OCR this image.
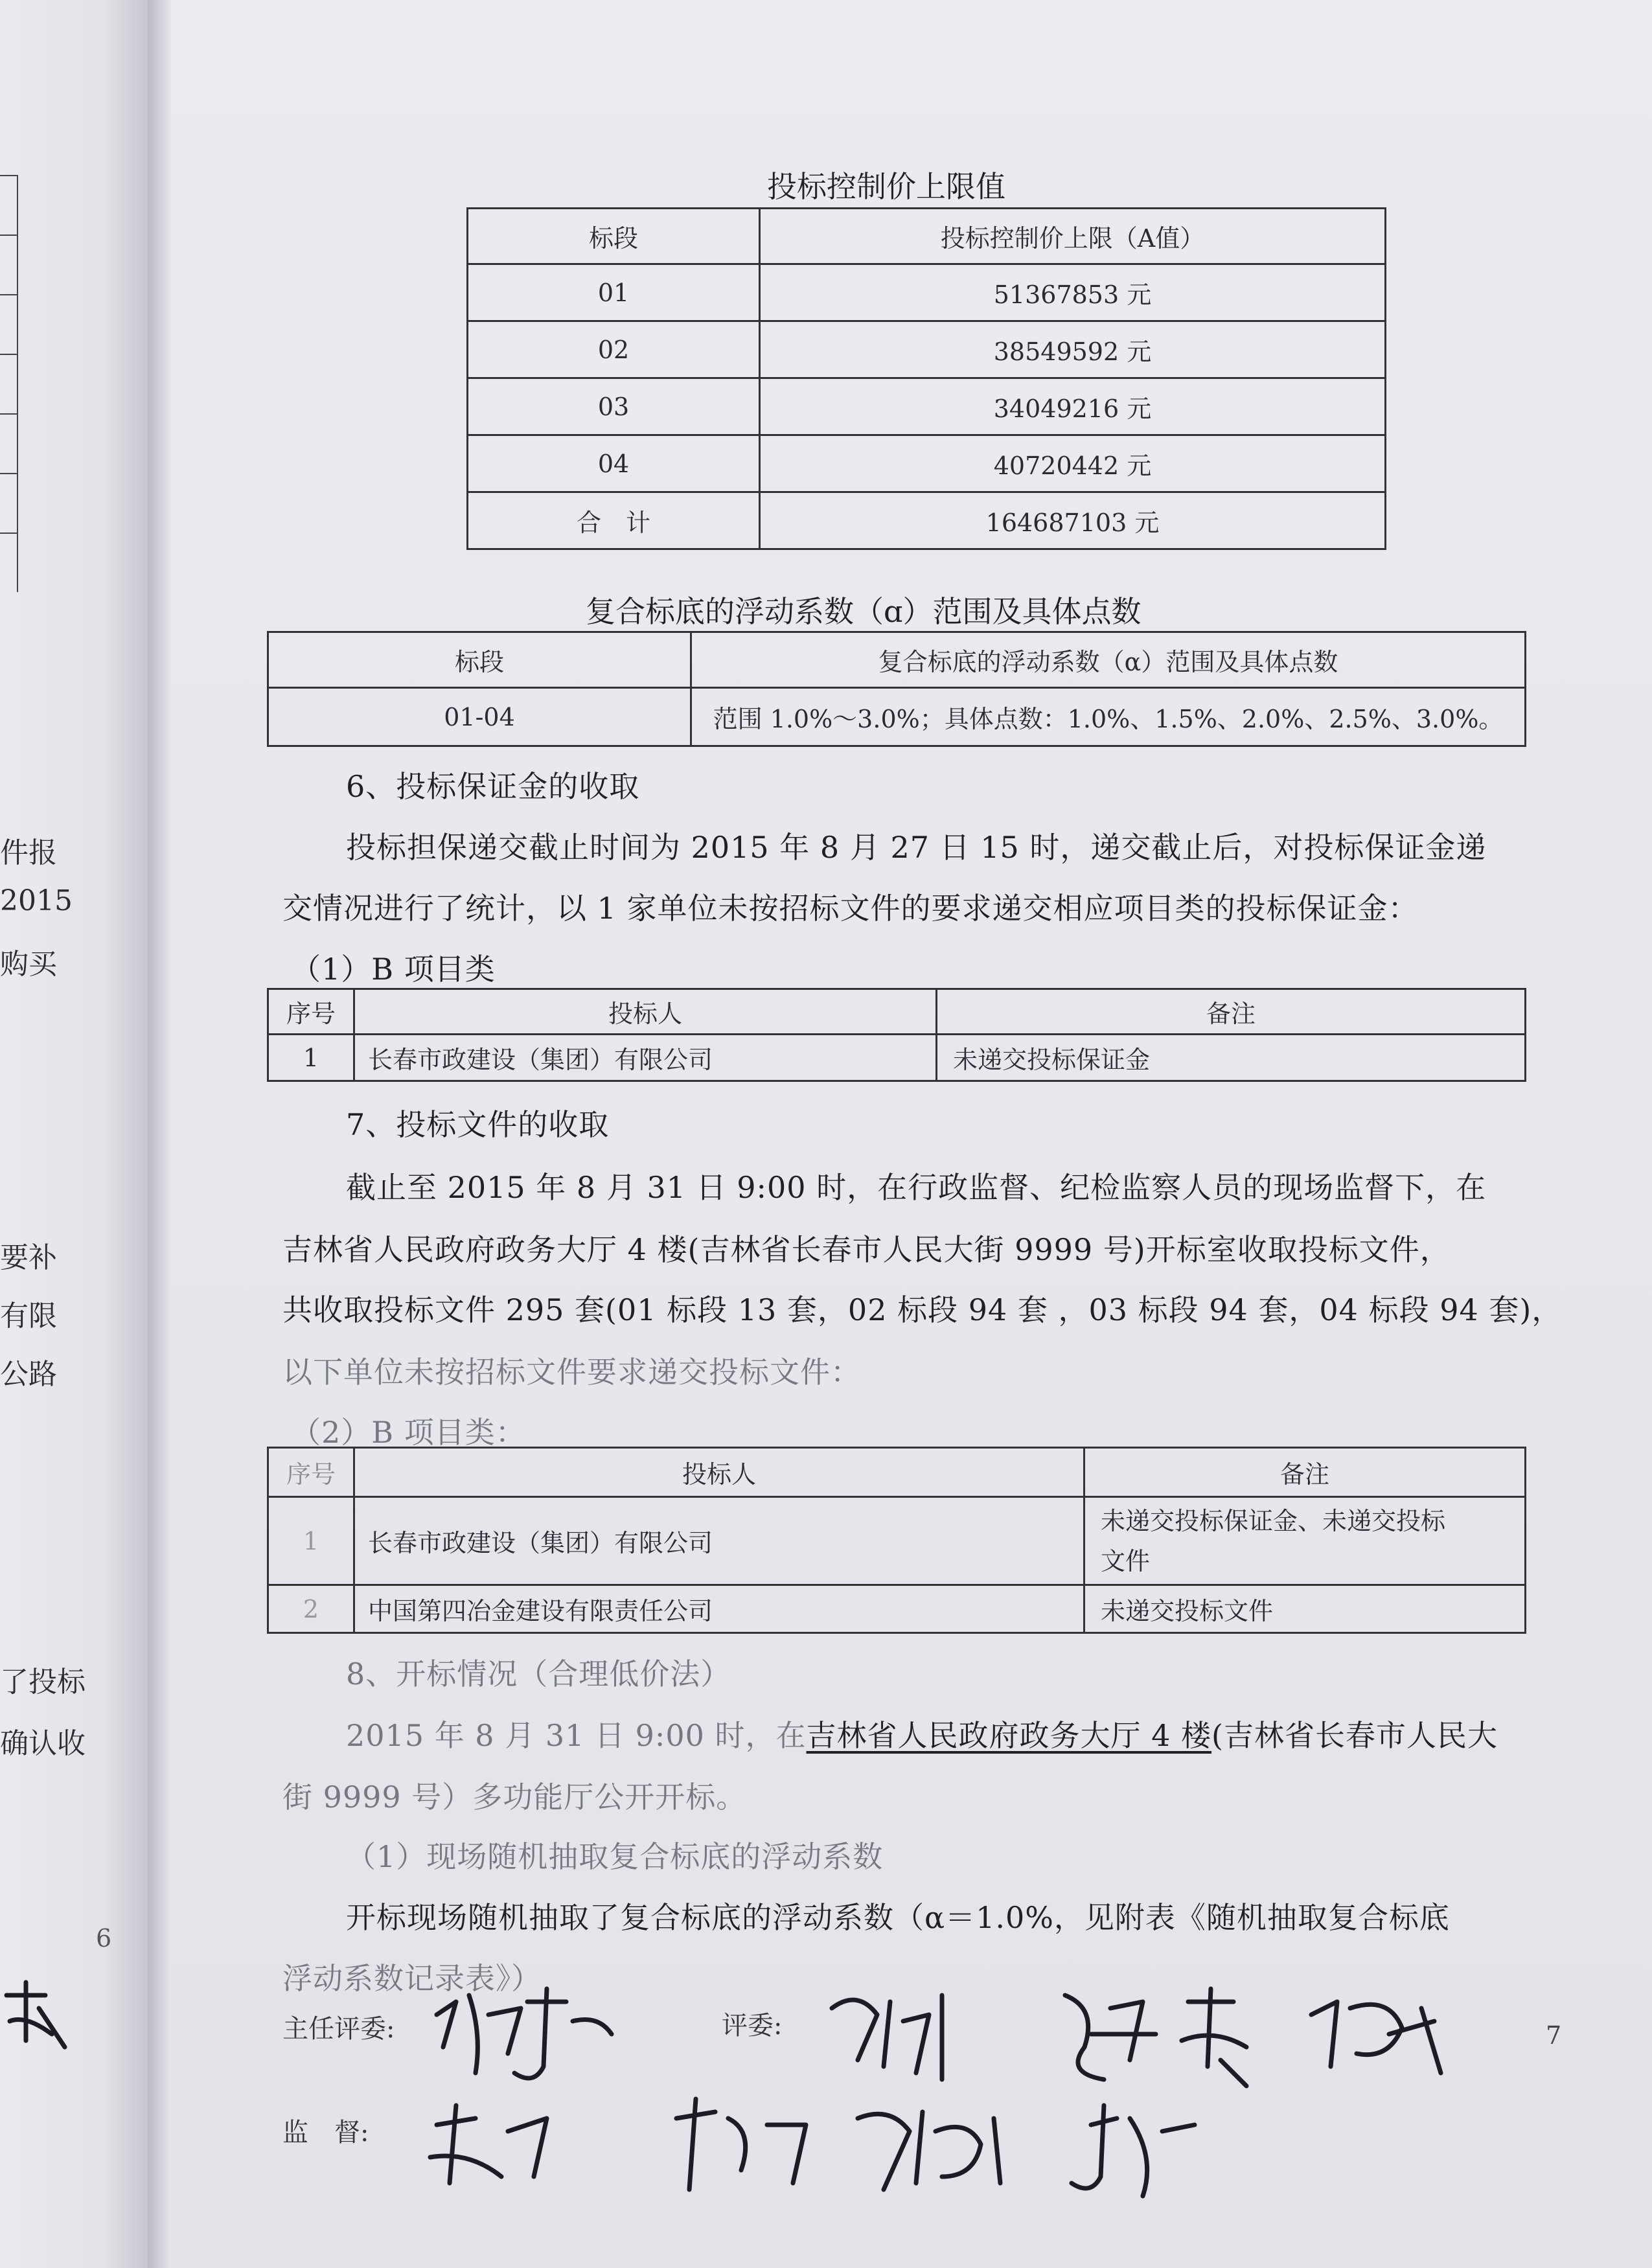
件报
2015
购买
要补
有限
公路
了投标
确认收
6
投标控制价上限值
标段	投标控制价上限（A值）
01	51367853 元
02	38549592 元
03	34049216 元
04	40720442 元
合　计	164687103 元
复合标底的浮动系数（ɑ）范围及具体点数
标段	复合标底的浮动系数（α）范围及具体点数
01-04	范围 1.0%～3.0%；具体点数：1.0%、1.5%、2.0%、2.5%、3.0%。
6、投标保证金的收取
投标担保递交截止时间为 2015 年 8 月 27 日 15 时，递交截止后，对投标保证金递
交情况进行了统计，以 1 家单位未按招标文件的要求递交相应项目类的投标保证金：
（1）B 项目类
序号	投标人	备注
1	长春市政建设（集团）有限公司	未递交投标保证金
7、投标文件的收取
截止至 2015 年 8 月 31 日 9:00 时，在行政监督、纪检监察人员的现场监督下，在
吉林省人民政府政务大厅 4 楼(吉林省长春市人民大街 9999 号)开标室收取投标文件，
共收取投标文件 295 套(01 标段 13 套，02 标段 94 套 ，03 标段 94 套，04 标段 94 套)，
以下单位未按招标文件要求递交投标文件：
（2）B 项目类：
序号	投标人	备注
1	长春市政建设（集团）有限公司	未递交投标保证金、未递交投标
文件
2	中国第四冶金建设有限责任公司	未递交投标文件
8、开标情况（合理低价法）
2015 年 8 月 31 日 9:00 时，在吉林省人民政府政务大厅 4 楼(吉林省长春市人民大
街 9999 号）多功能厅公开开标。
（1）现场随机抽取复合标底的浮动系数
开标现场随机抽取了复合标底的浮动系数（α＝1.0%，见附表《随机抽取复合标底
浮动系数记录表》）
主任评委:	评委:
监　督:
7
